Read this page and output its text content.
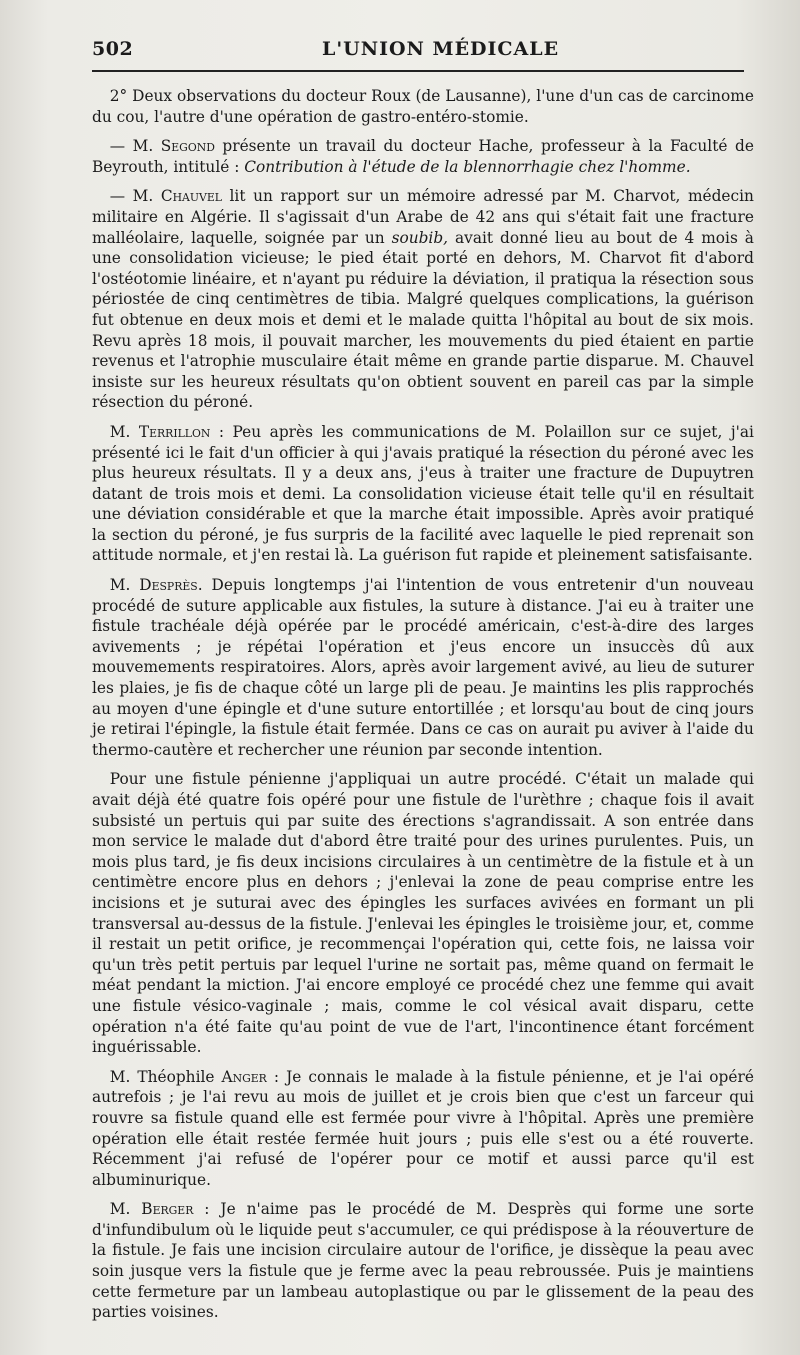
502	L'UNION MÉDICALE

2° Deux observations du docteur Roux (de Lausanne), l'une d'un cas de carcinome du cou, l'autre d'une opération de gastro-entéro-stomie.

— M. Segond présente un travail du docteur Hache, professeur à la Faculté de Beyrouth, intitulé : Contribution à l'étude de la blennorrhagie chez l'homme.

— M. Chauvel lit un rapport sur un mémoire adressé par M. Charvot, médecin militaire en Algérie. Il s'agissait d'un Arabe de 42 ans qui s'était fait une fracture malléolaire, laquelle, soignée par un soubib, avait donné lieu au bout de 4 mois à une consolidation vicieuse; le pied était porté en dehors, M. Charvot fit d'abord l'ostéotomie linéaire, et n'ayant pu réduire la déviation, il pratiqua la résection sous périostée de cinq centimètres de tibia. Malgré quelques complications, la guérison fut obtenue en deux mois et demi et le malade quitta l'hôpital au bout de six mois. Revu après 18 mois, il pouvait marcher, les mouvements du pied étaient en partie revenus et l'atrophie musculaire était même en grande partie disparue. M. Chauvel insiste sur les heureux résultats qu'on obtient souvent en pareil cas par la simple résection du péroné.

M. Terrillon : Peu après les communications de M. Polaillon sur ce sujet, j'ai présenté ici le fait d'un officier à qui j'avais pratiqué la résection du péroné avec les plus heureux résultats. Il y a deux ans, j'eus à traiter une fracture de Dupuytren datant de trois mois et demi. La consolidation vicieuse était telle qu'il en résultait une déviation considérable et que la marche était impossible. Après avoir pratiqué la section du péroné, je fus surpris de la facilité avec laquelle le pied reprenait son attitude normale, et j'en restai là. La guérison fut rapide et pleinement satisfaisante.

M. Desprès. Depuis longtemps j'ai l'intention de vous entretenir d'un nouveau procédé de suture applicable aux fistules, la suture à distance. J'ai eu à traiter une fistule trachéale déjà opérée par le procédé américain, c'est-à-dire des larges avivements ; je répétai l'opération et j'eus encore un insuccès dû aux mouvemements respiratoires. Alors, après avoir largement avivé, au lieu de suturer les plaies, je fis de chaque côté un large pli de peau. Je maintins les plis rapprochés au moyen d'une épingle et d'une suture entortillée ; et lorsqu'au bout de cinq jours je retirai l'épingle, la fistule était fermée. Dans ce cas on aurait pu aviver à l'aide du thermo-cautère et rechercher une réunion par seconde intention.

Pour une fistule pénienne j'appliquai un autre procédé. C'était un malade qui avait déjà été quatre fois opéré pour une fistule de l'urèthre ; chaque fois il avait subsisté un pertuis qui par suite des érections s'agrandissait. A son entrée dans mon service le malade dut d'abord être traité pour des urines purulentes. Puis, un mois plus tard, je fis deux incisions circulaires à un centimètre de la fistule et à un centimètre encore plus en dehors ; j'enlevai la zone de peau comprise entre les incisions et je suturai avec des épingles les surfaces avivées en formant un pli transversal au-dessus de la fistule. J'enlevai les épingles le troisième jour, et, comme il restait un petit orifice, je recommençai l'opération qui, cette fois, ne laissa voir qu'un très petit pertuis par lequel l'urine ne sortait pas, même quand on fermait le méat pendant la miction. J'ai encore employé ce procédé chez une femme qui avait une fistule vésico-vaginale ; mais, comme le col vésical avait disparu, cette opération n'a été faite qu'au point de vue de l'art, l'incontinence étant forcément inguérissable.

M. Théophile Anger : Je connais le malade à la fistule pénienne, et je l'ai opéré autrefois ; je l'ai revu au mois de juillet et je crois bien que c'est un farceur qui rouvre sa fistule quand elle est fermée pour vivre à l'hôpital. Après une première opération elle était restée fermée huit jours ; puis elle s'est ou a été rouverte. Récemment j'ai refusé de l'opérer pour ce motif et aussi parce qu'il est albuminurique.

M. Berger : Je n'aime pas le procédé de M. Desprès qui forme une sorte d'infundibulum où le liquide peut s'accumuler, ce qui prédispose à la réouverture de la fistule. Je fais une incision circulaire autour de l'orifice, je dissèque la peau avec soin jusque vers la fistule que je ferme avec la peau rebroussée. Puis je maintiens cette fermeture par un lambeau autoplastique ou par le glissement de la peau des parties voisines.
